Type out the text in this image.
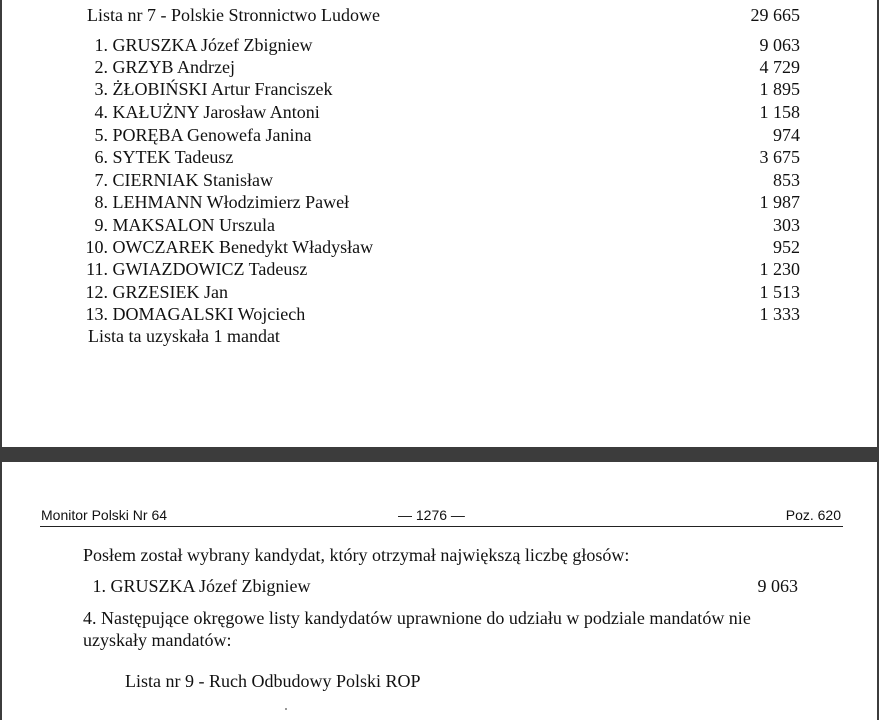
Lista nr 7 - Polskie Stronnictwo Ludowe	29 665
1. GRUSZKA Józef Zbigniew	9 063
2. GRZYB Andrzej	4 729
3. ŻŁOBIŃSKI Artur Franciszek	1 895
4. KAŁUŻNY Jarosław Antoni	1 158
5. PORĘBA Genowefa Janina	974
6. SYTEK Tadeusz	3 675
7. CIERNIAK Stanisław	853
8. LEHMANN Włodzimierz Paweł	1 987
9. MAKSALON Urszula	303
10. OWCZAREK Benedykt Władysław	952
11. GWIAZDOWICZ Tadeusz	1 230
12. GRZESIEK Jan	1 513
13. DOMAGALSKI Wojciech	1 333
Lista ta uzyskała 1 mandat
Monitor Polski Nr 64	— 1276 —	Poz. 620
Posłem został wybrany kandydat, który otrzymał największą liczbę głosów:
1. GRUSZKA Józef Zbigniew	9 063
4. Następujące okręgowe listy kandydatów uprawnione do udziału w podziale mandatów nie
uzyskały mandatów:
Lista nr 9 - Ruch Odbudowy Polski ROP
